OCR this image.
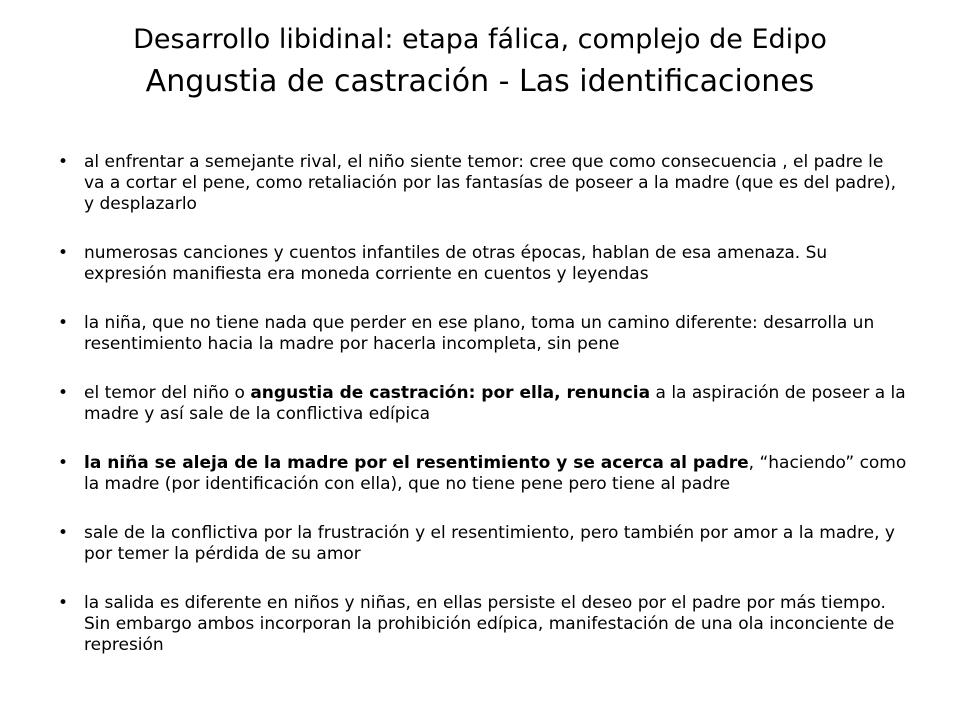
Desarrollo libidinal: etapa fálica, complejo de Edipo
Angustia de castración - Las identificaciones
• al enfrentar a semejante rival, el niño siente temor: cree que como consecuencia , el padre le va a cortar el pene, como retaliación por las fantasías de poseer a la madre (que es del padre), y desplazarlo
• numerosas canciones y cuentos infantiles de otras épocas, hablan de esa amenaza. Su expresión manifiesta era moneda corriente en cuentos y leyendas
• la niña, que no tiene nada que perder en ese plano, toma un camino diferente: desarrolla un resentimiento hacia la madre por hacerla incompleta, sin pene
• el temor del niño o angustia de castración: por ella, renuncia a la aspiración de poseer a la madre y así sale de la conflictiva edípica
• la niña se aleja de la madre por el resentimiento y se acerca al padre, “haciendo” como la madre (por identificación con ella), que no tiene pene pero tiene al padre
• sale de la conflictiva por la frustración y el resentimiento, pero también por amor a la madre, y por temer la pérdida de su amor
• la salida es diferente en niños y niñas, en ellas persiste el deseo por el padre por más tiempo. Sin embargo ambos incorporan la prohibición edípica, manifestación de una ola inconciente de represión
